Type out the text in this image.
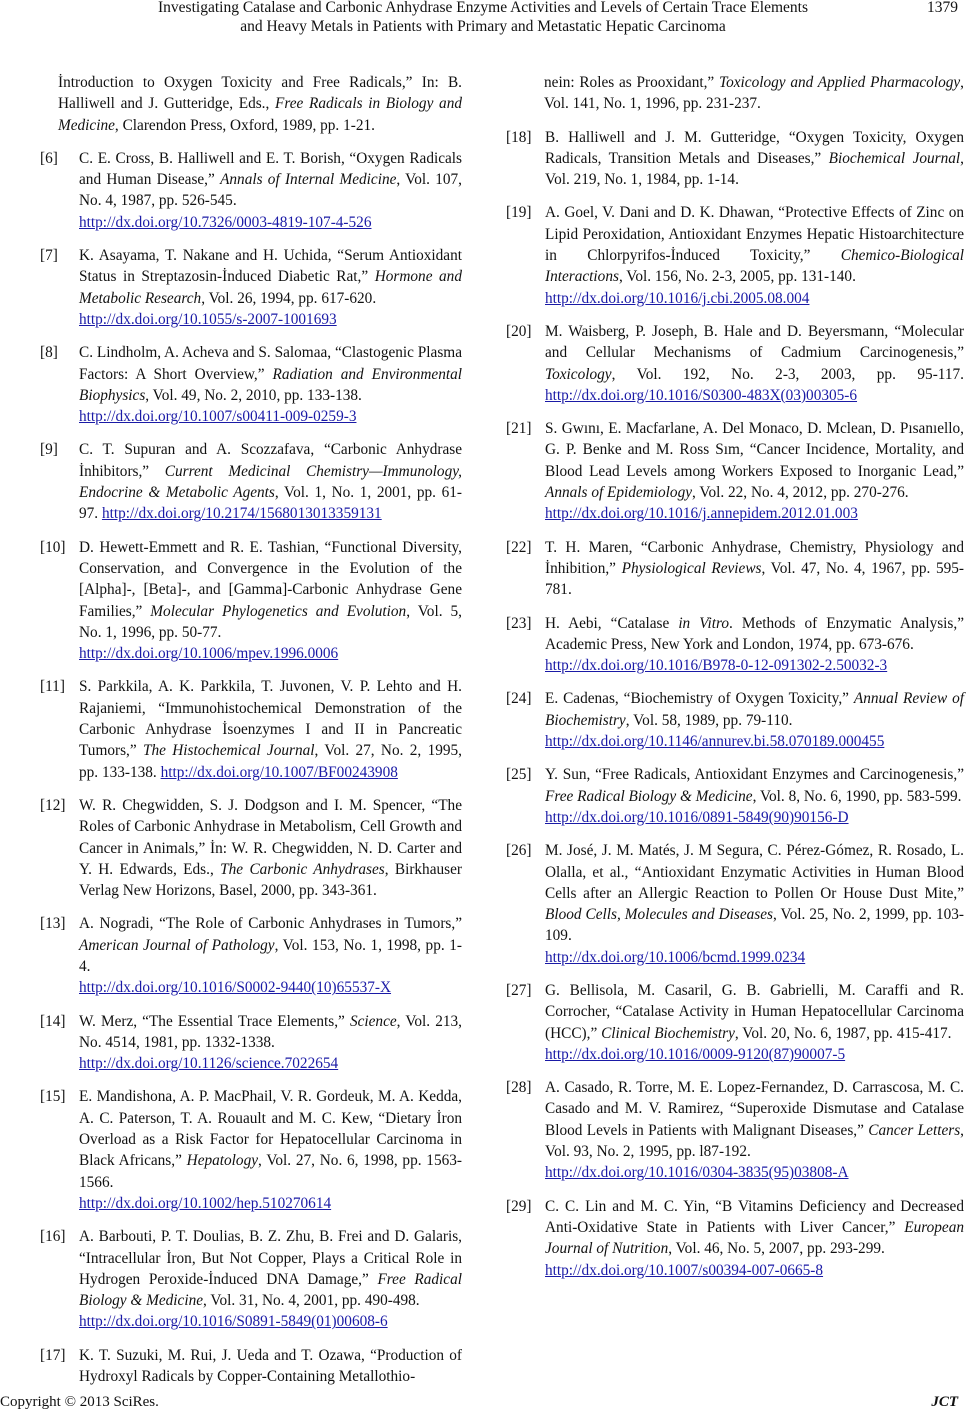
Investigating Catalase and Carbonic Anhydrase Enzyme Activities and Levels of Certain Trace Elements
and Heavy Metals in Patients with Primary and Metastatic Hepatic Carcinoma
1379
İntroduction to Oxygen Toxicity and Free Radicals,” In: B. Halliwell and J. Gutteridge, Eds., Free Radicals in Biology and Medicine, Clarendon Press, Oxford, 1989, pp. 1-21.
[6] C. E. Cross, B. Halliwell and E. T. Borish, “Oxygen Radicals and Human Disease,” Annals of Internal Medicine, Vol. 107, No. 4, 1987, pp. 526-545.
http://dx.doi.org/10.7326/0003-4819-107-4-526
[7] K. Asayama, T. Nakane and H. Uchida, “Serum Antioxidant Status in Streptazosin-İnduced Diabetic Rat,” Hormone and Metabolic Research, Vol. 26, 1994, pp. 617-620.
http://dx.doi.org/10.1055/s-2007-1001693
[8] C. Lindholm, A. Acheva and S. Salomaa, “Clastogenic Plasma Factors: A Short Overview,” Radiation and Environmental Biophysics, Vol. 49, No. 2, 2010, pp. 133-138.
http://dx.doi.org/10.1007/s00411-009-0259-3
[9] C. T. Supuran and A. Scozzafava, “Carbonic Anhydrase İnhibitors,” Current Medicinal Chemistry—Immunology, Endocrine & Metabolic Agents, Vol. 1, No. 1, 2001, pp. 61-97. http://dx.doi.org/10.2174/1568013013359131
[10] D. Hewett-Emmett and R. E. Tashian, “Functional Diversity, Conservation, and Convergence in the Evolution of the [Alpha]-, [Beta]-, and [Gamma]-Carbonic Anhydrase Gene Families,” Molecular Phylogenetics and Evolution, Vol. 5, No. 1, 1996, pp. 50-77.
http://dx.doi.org/10.1006/mpev.1996.0006
[11] S. Parkkila, A. K. Parkkila, T. Juvonen, V. P. Lehto and H. Rajaniemi, “Immunohistochemical Demonstration of the Carbonic Anhydrase İsoenzymes I and II in Pancreatic Tumors,” The Histochemical Journal, Vol. 27, No. 2, 1995, pp. 133-138. http://dx.doi.org/10.1007/BF00243908
[12] W. R. Chegwidden, S. J. Dodgson and I. M. Spencer, “The Roles of Carbonic Anhydrase in Metabolism, Cell Growth and Cancer in Animals,” İn: W. R. Chegwidden, N. D. Carter and Y. H. Edwards, Eds., The Carbonic Anhydrases, Birkhauser Verlag New Horizons, Basel, 2000, pp. 343-361.
[13] A. Nogradi, “The Role of Carbonic Anhydrases in Tumors,” American Journal of Pathology, Vol. 153, No. 1, 1998, pp. 1-4.
http://dx.doi.org/10.1016/S0002-9440(10)65537-X
[14] W. Merz, “The Essential Trace Elements,” Science, Vol. 213, No. 4514, 1981, pp. 1332-1338.
http://dx.doi.org/10.1126/science.7022654
[15] E. Mandishona, A. P. MacPhail, V. R. Gordeuk, M. A. Kedda, A. C. Paterson, T. A. Rouault and M. C. Kew, “Dietary İron Overload as a Risk Factor for Hepatocellular Carcinoma in Black Africans,” Hepatology, Vol. 27, No. 6, 1998, pp. 1563-1566.
http://dx.doi.org/10.1002/hep.510270614
[16] A. Barbouti, P. T. Doulias, B. Z. Zhu, B. Frei and D. Galaris, “Intracellular İron, But Not Copper, Plays a Critical Role in Hydrogen Peroxide-İnduced DNA Damage,” Free Radical Biology & Medicine, Vol. 31, No. 4, 2001, pp. 490-498.
http://dx.doi.org/10.1016/S0891-5849(01)00608-6
[17] K. T. Suzuki, M. Rui, J. Ueda and T. Ozawa, “Production of Hydroxyl Radicals by Copper-Containing Metallothio-
nein: Roles as Prooxidant,” Toxicology and Applied Pharmacology, Vol. 141, No. 1, 1996, pp. 231-237.
[18] B. Halliwell and J. M. Gutteridge, “Oxygen Toxicity, Oxygen Radicals, Transition Metals and Diseases,” Biochemical Journal, Vol. 219, No. 1, 1984, pp. 1-14.
[19] A. Goel, V. Dani and D. K. Dhawan, “Protective Effects of Zinc on Lipid Peroxidation, Antioxidant Enzymes Hepatic Histoarchitecture in Chlorpyrifos-İnduced Toxicity,” Chemico-Biological Interactions, Vol. 156, No. 2-3, 2005, pp. 131-140.
http://dx.doi.org/10.1016/j.cbi.2005.08.004
[20] M. Waisberg, P. Joseph, B. Hale and D. Beyersmann, “Molecular and Cellular Mechanisms of Cadmium Carcinogenesis,” Toxicology, Vol. 192, No. 2-3, 2003, pp. 95-117. http://dx.doi.org/10.1016/S0300-483X(03)00305-6
[21] S. Gwını, E. Macfarlane, A. Del Monaco, D. Mclean, D. Pısanıello, G. P. Benke and M. Ross Sım, “Cancer Incidence, Mortality, and Blood Lead Levels among Workers Exposed to Inorganic Lead,” Annals of Epidemiology, Vol. 22, No. 4, 2012, pp. 270-276.
http://dx.doi.org/10.1016/j.annepidem.2012.01.003
[22] T. H. Maren, “Carbonic Anhydrase, Chemistry, Physiology and İnhibition,” Physiological Reviews, Vol. 47, No. 4, 1967, pp. 595-781.
[23] H. Aebi, “Catalase in Vitro. Methods of Enzymatic Analysis,” Academic Press, New York and London, 1974, pp. 673-676.
http://dx.doi.org/10.1016/B978-0-12-091302-2.50032-3
[24] E. Cadenas, “Biochemistry of Oxygen Toxicity,” Annual Review of Biochemistry, Vol. 58, 1989, pp. 79-110.
http://dx.doi.org/10.1146/annurev.bi.58.070189.000455
[25] Y. Sun, “Free Radicals, Antioxidant Enzymes and Carcinogenesis,” Free Radical Biology & Medicine, Vol. 8, No. 6, 1990, pp. 583-599.
http://dx.doi.org/10.1016/0891-5849(90)90156-D
[26] M. José, J. M. Matés, J. M Segura, C. Pérez-Gómez, R. Rosado, L. Olalla, et al., “Antioxidant Enzymatic Activities in Human Blood Cells after an Allergic Reaction to Pollen Or House Dust Mite,” Blood Cells, Molecules and Diseases, Vol. 25, No. 2, 1999, pp. 103-109.
http://dx.doi.org/10.1006/bcmd.1999.0234
[27] G. Bellisola, M. Casaril, G. B. Gabrielli, M. Caraffi and R. Corrocher, “Catalase Activity in Human Hepatocellular Carcinoma (HCC),” Clinical Biochemistry, Vol. 20, No. 6, 1987, pp. 415-417.
http://dx.doi.org/10.1016/0009-9120(87)90007-5
[28] A. Casado, R. Torre, M. E. Lopez-Fernandez, D. Carrascosa, M. C. Casado and M. V. Ramirez, “Superoxide Dismutase and Catalase Blood Levels in Patients with Malignant Diseases,” Cancer Letters, Vol. 93, No. 2, 1995, pp. l87-192.
http://dx.doi.org/10.1016/0304-3835(95)03808-A
[29] C. C. Lin and M. C. Yin, “B Vitamins Deficiency and Decreased Anti-Oxidative State in Patients with Liver Cancer,” European Journal of Nutrition, Vol. 46, No. 5, 2007, pp. 293-299.
http://dx.doi.org/10.1007/s00394-007-0665-8
Copyright © 2013 SciRes.	JCT
